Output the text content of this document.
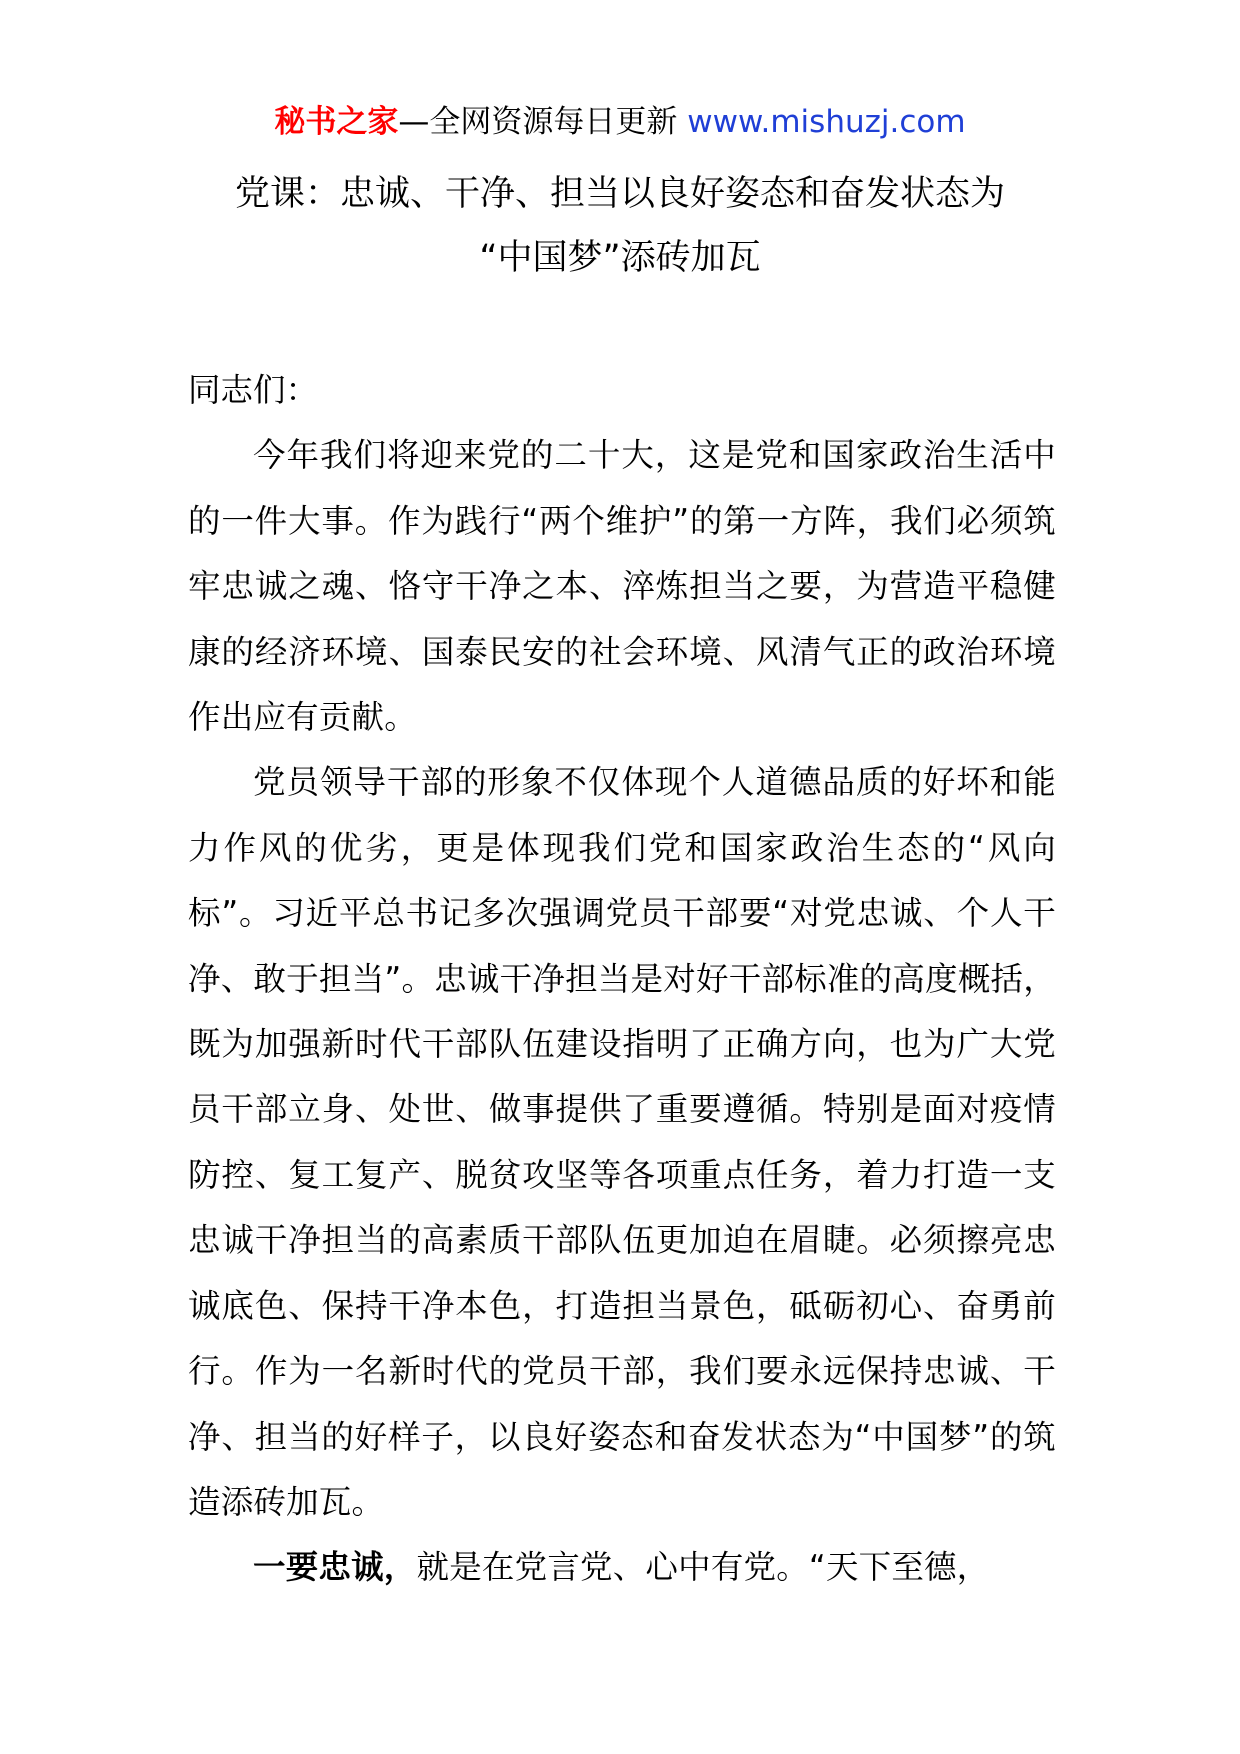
秘书之家—全网资源每日更新 www.mishuzj.com
党课：忠诚、干净、担当以良好姿态和奋发状态为
“中国梦”添砖加瓦

同志们：

今年我们将迎来党的二十大，这是党和国家政治生活中的一件大事。作为践行“两个维护”的第一方阵，我们必须筑牢忠诚之魂、恪守干净之本、淬炼担当之要，为营造平稳健康的经济环境、国泰民安的社会环境、风清气正的政治环境作出应有贡献。

党员领导干部的形象不仅体现个人道德品质的好坏和能力作风的优劣，更是体现我们党和国家政治生态的“风向标”。习近平总书记多次强调党员干部要“对党忠诚、个人干净、敢于担当”。忠诚干净担当是对好干部标准的高度概括，既为加强新时代干部队伍建设指明了正确方向，也为广大党员干部立身、处世、做事提供了重要遵循。特别是面对疫情防控、复工复产、脱贫攻坚等各项重点任务，着力打造一支忠诚干净担当的高素质干部队伍更加迫在眉睫。必须擦亮忠诚底色、保持干净本色，打造担当景色，砥砺初心、奋勇前行。作为一名新时代的党员干部，我们要永远保持忠诚、干净、担当的好样子，以良好姿态和奋发状态为“中国梦”的筑造添砖加瓦。

一要忠诚，就是在党言党、心中有党。“天下至德，
